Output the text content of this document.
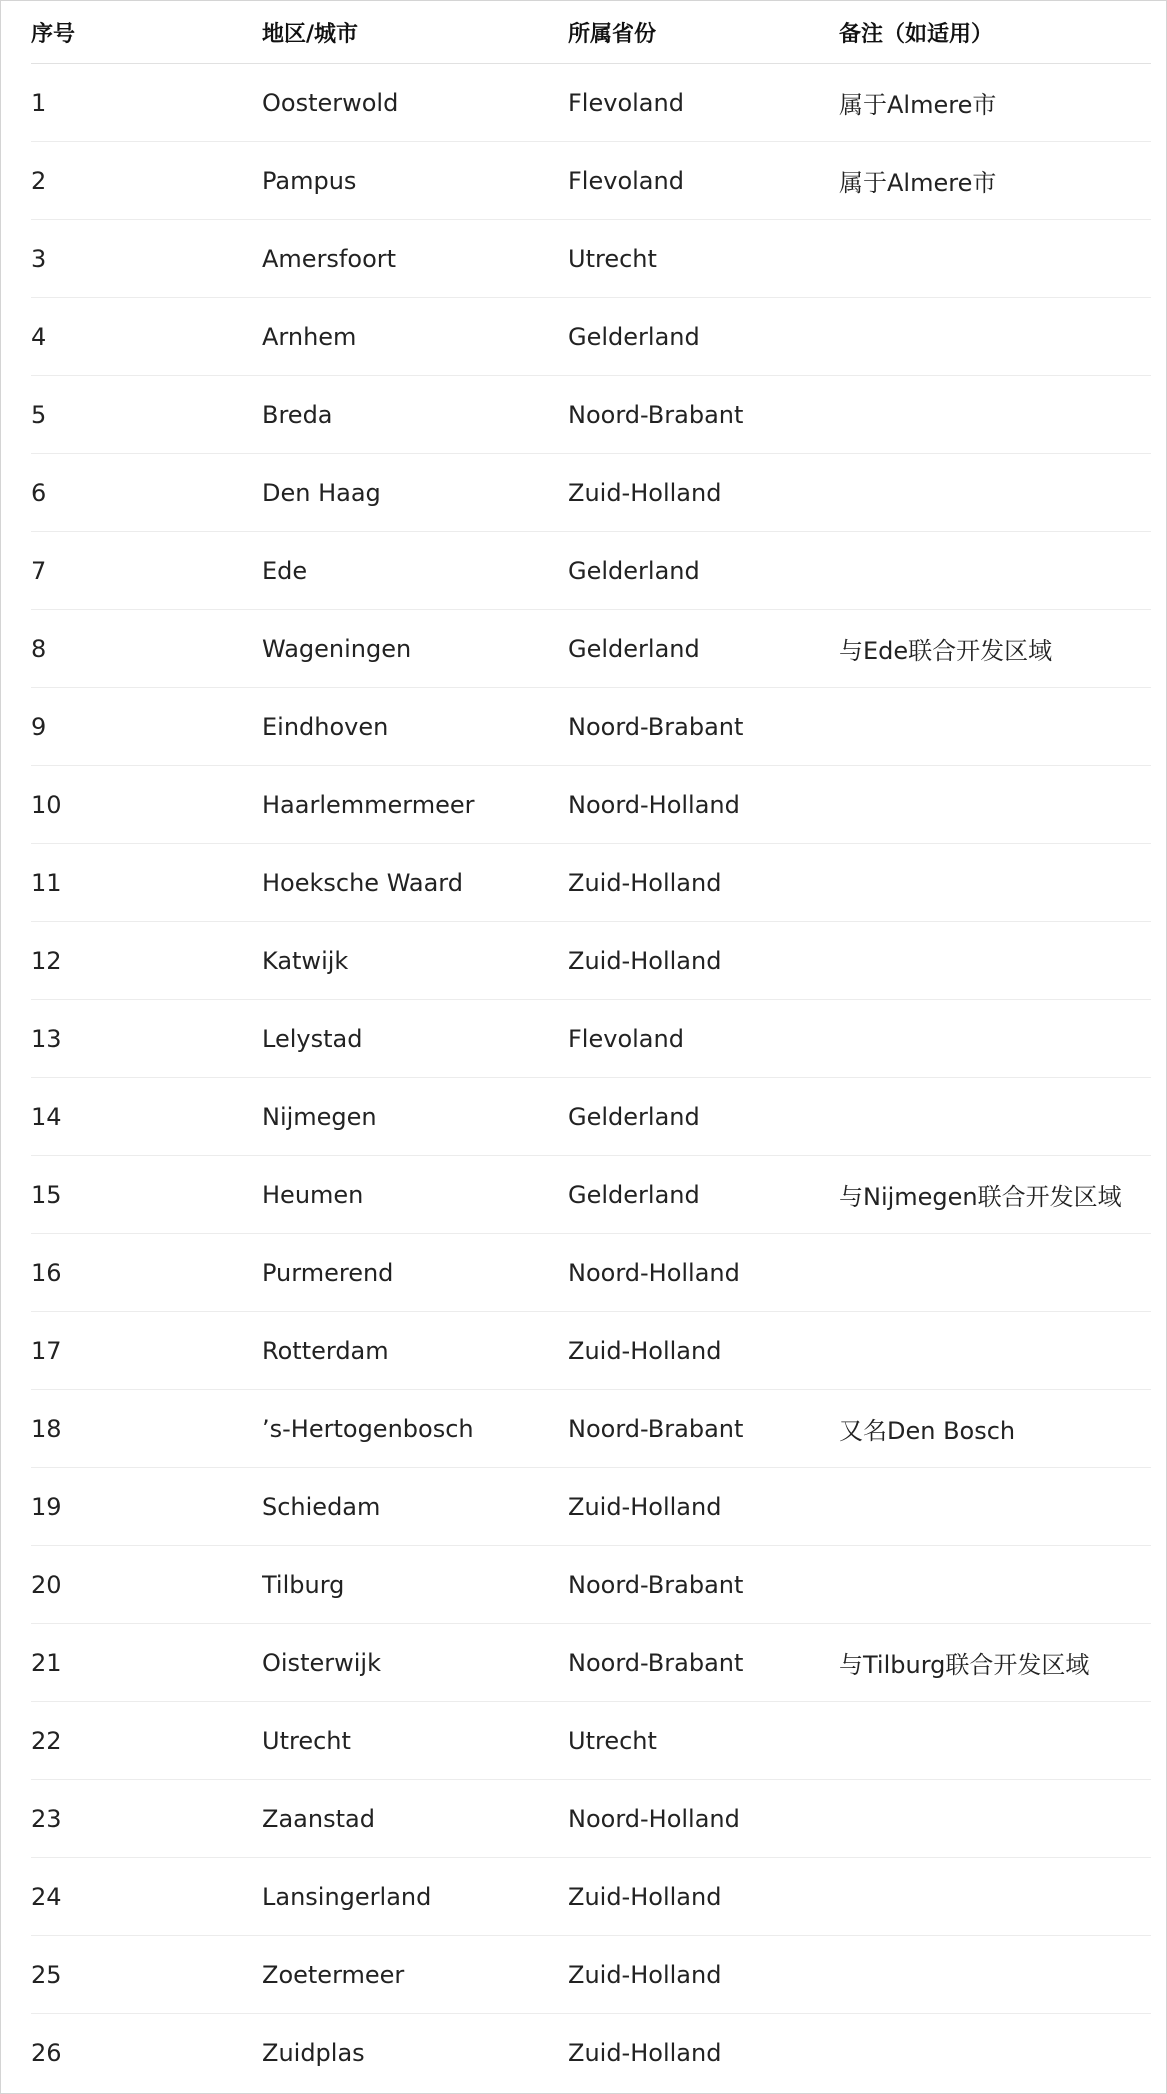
序号	地区/城市	所属省份	备注（如适用）
1	Oosterwold	Flevoland	属于Almere市
2	Pampus	Flevoland	属于Almere市
3	Amersfoort	Utrecht	
4	Arnhem	Gelderland	
5	Breda	Noord-Brabant	
6	Den Haag	Zuid-Holland	
7	Ede	Gelderland	
8	Wageningen	Gelderland	与Ede联合开发区域
9	Eindhoven	Noord-Brabant	
10	Haarlemmermeer	Noord-Holland	
11	Hoeksche Waard	Zuid-Holland	
12	Katwijk	Zuid-Holland	
13	Lelystad	Flevoland	
14	Nijmegen	Gelderland	
15	Heumen	Gelderland	与Nijmegen联合开发区域
16	Purmerend	Noord-Holland	
17	Rotterdam	Zuid-Holland	
18	’s-Hertogenbosch	Noord-Brabant	又名Den Bosch
19	Schiedam	Zuid-Holland	
20	Tilburg	Noord-Brabant	
21	Oisterwijk	Noord-Brabant	与Tilburg联合开发区域
22	Utrecht	Utrecht	
23	Zaanstad	Noord-Holland	
24	Lansingerland	Zuid-Holland	
25	Zoetermeer	Zuid-Holland	
26	Zuidplas	Zuid-Holland	
